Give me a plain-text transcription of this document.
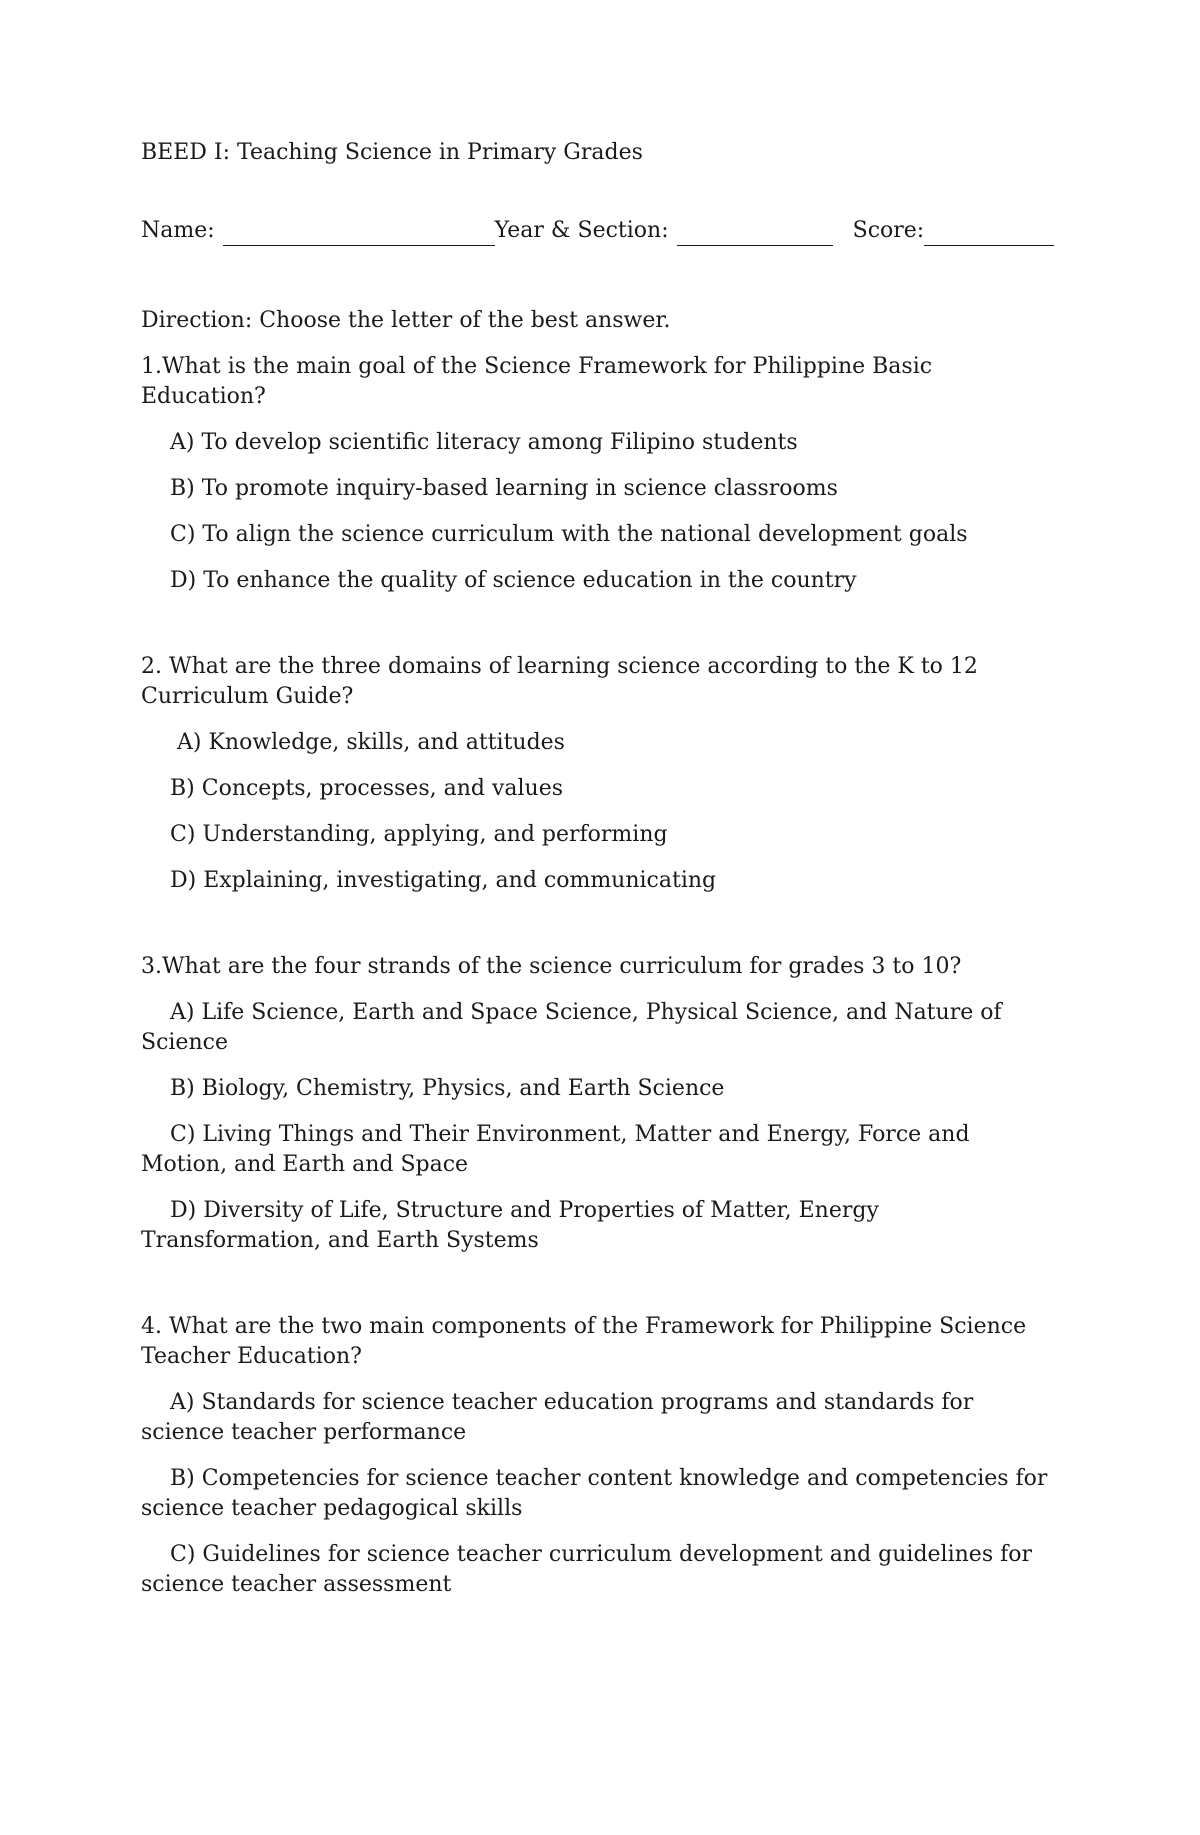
BEED I: Teaching Science in Primary Grades

Name:	Year & Section:	Score:

Direction: Choose the letter of the best answer.

1.What is the main goal of the Science Framework for Philippine Basic Education?

A) To develop scientific literacy among Filipino students

B) To promote inquiry-based learning in science classrooms

C) To align the science curriculum with the national development goals

D) To enhance the quality of science education in the country

2. What are the three domains of learning science according to the K to 12 Curriculum Guide?

A) Knowledge, skills, and attitudes

B) Concepts, processes, and values

C) Understanding, applying, and performing

D) Explaining, investigating, and communicating

3.What are the four strands of the science curriculum for grades 3 to 10?

A) Life Science, Earth and Space Science, Physical Science, and Nature of Science

B) Biology, Chemistry, Physics, and Earth Science

C) Living Things and Their Environment, Matter and Energy, Force and Motion, and Earth and Space

D) Diversity of Life, Structure and Properties of Matter, Energy Transformation, and Earth Systems

4. What are the two main components of the Framework for Philippine Science Teacher Education?

A) Standards for science teacher education programs and standards for science teacher performance

B) Competencies for science teacher content knowledge and competencies for science teacher pedagogical skills

C) Guidelines for science teacher curriculum development and guidelines for science teacher assessment
